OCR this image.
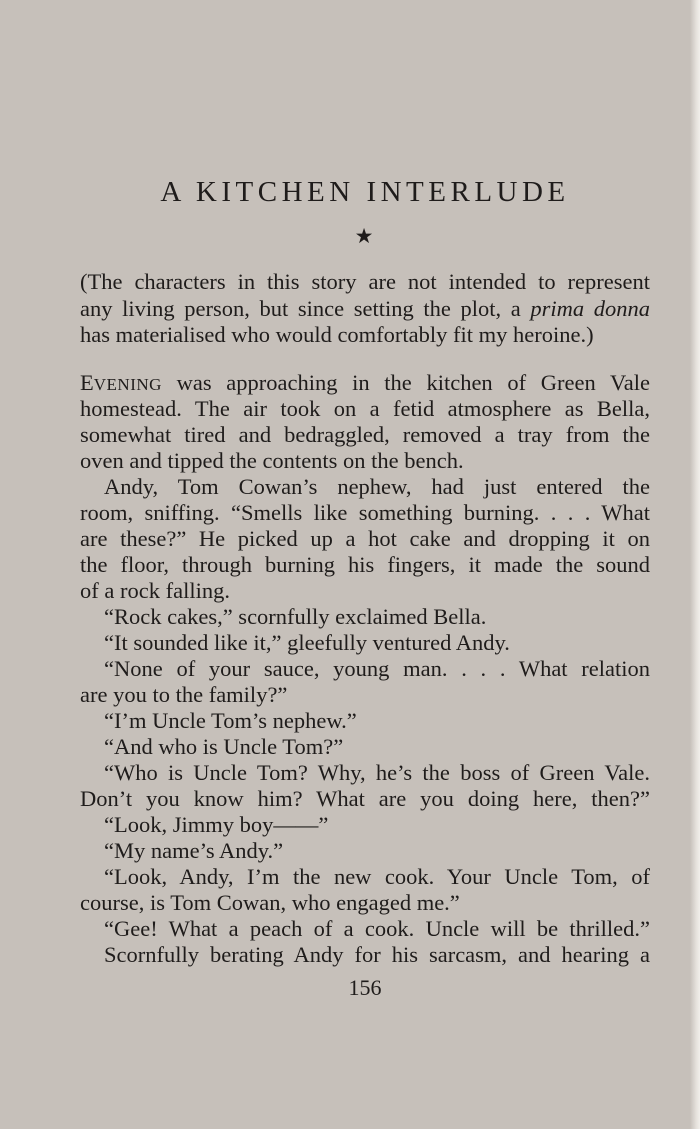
A KITCHEN INTERLUDE
★
(The characters in this story are not intended to represent
any living person, but since setting the plot, a prima donna
has materialised who would comfortably fit my heroine.)
EVENING was approaching in the kitchen of Green Vale
homestead. The air took on a fetid atmosphere as Bella,
somewhat tired and bedraggled, removed a tray from the
oven and tipped the contents on the bench.
Andy, Tom Cowan’s nephew, had just entered the
room, sniffing. “Smells like something burning. . . . What
are these?” He picked up a hot cake and dropping it on
the floor, through burning his fingers, it made the sound
of a rock falling.
“Rock cakes,” scornfully exclaimed Bella.
“It sounded like it,” gleefully ventured Andy.
“None of your sauce, young man. . . . What relation
are you to the family?”
“I’m Uncle Tom’s nephew.”
“And who is Uncle Tom?”
“Who is Uncle Tom? Why, he’s the boss of Green Vale.
Don’t you know him? What are you doing here, then?”
“Look, Jimmy boy——”
“My name’s Andy.”
“Look, Andy, I’m the new cook. Your Uncle Tom, of
course, is Tom Cowan, who engaged me.”
“Gee! What a peach of a cook. Uncle will be thrilled.”
Scornfully berating Andy for his sarcasm, and hearing a
156
